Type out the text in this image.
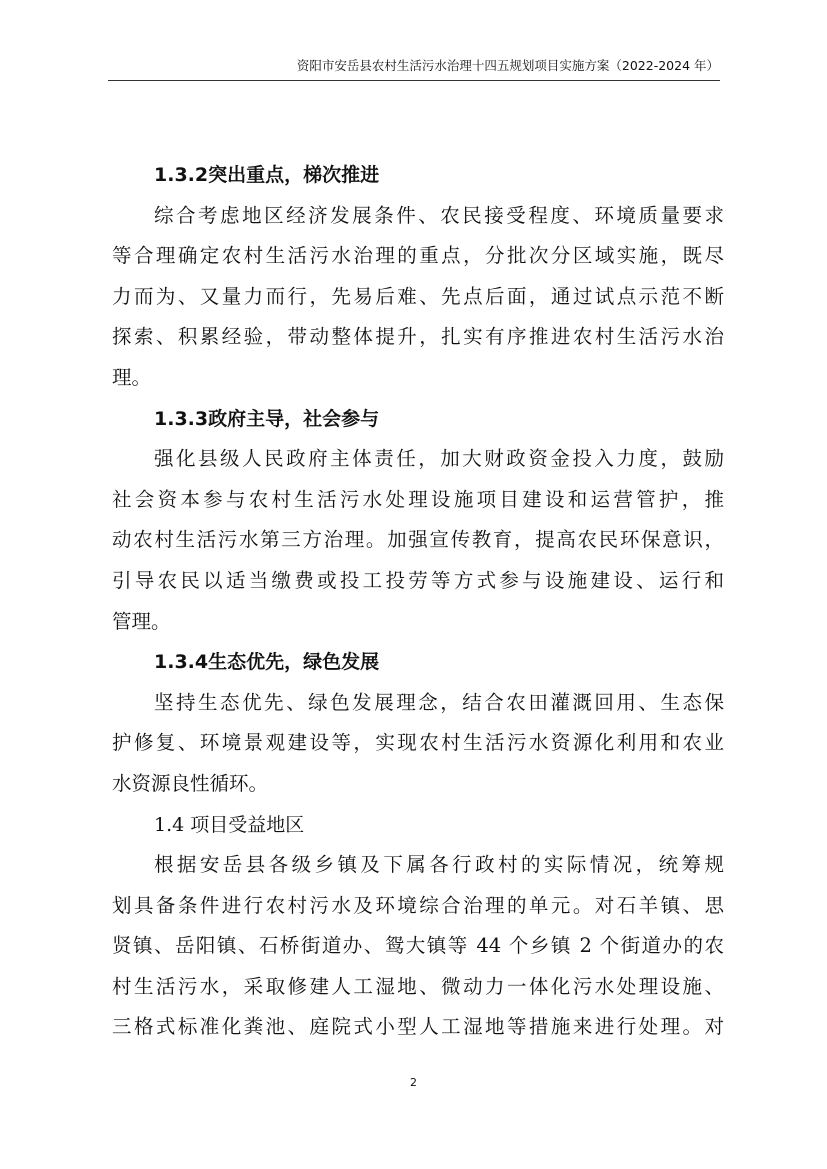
资阳市安岳县农村生活污水治理十四五规划项目实施方案（2022-2024 年）
1.3.2突出重点，梯次推进
综合考虑地区经济发展条件、农民接受程度、环境质量要求
等合理确定农村生活污水治理的重点，分批次分区域实施，既尽
力而为、又量力而行，先易后难、先点后面，通过试点示范不断
探索、积累经验，带动整体提升，扎实有序推进农村生活污水治
理。
1.3.3政府主导，社会参与
强化县级人民政府主体责任，加大财政资金投入力度，鼓励
社会资本参与农村生活污水处理设施项目建设和运营管护，推
动农村生活污水第三方治理。加强宣传教育，提高农民环保意识，
引导农民以适当缴费或投工投劳等方式参与设施建设、运行和
管理。
1.3.4生态优先，绿色发展
坚持生态优先、绿色发展理念，结合农田灌溉回用、生态保
护修复、环境景观建设等，实现农村生活污水资源化利用和农业
水资源良性循环。
1.4 项目受益地区
根据安岳县各级乡镇及下属各行政村的实际情况，统筹规
划具备条件进行农村污水及环境综合治理的单元。对石羊镇、思
贤镇、岳阳镇、石桥街道办、鸳大镇等 44 个乡镇 2 个街道办的农
村生活污水，采取修建人工湿地、微动力一体化污水处理设施、
三格式标准化粪池、庭院式小型人工湿地等措施来进行处理。对
2
